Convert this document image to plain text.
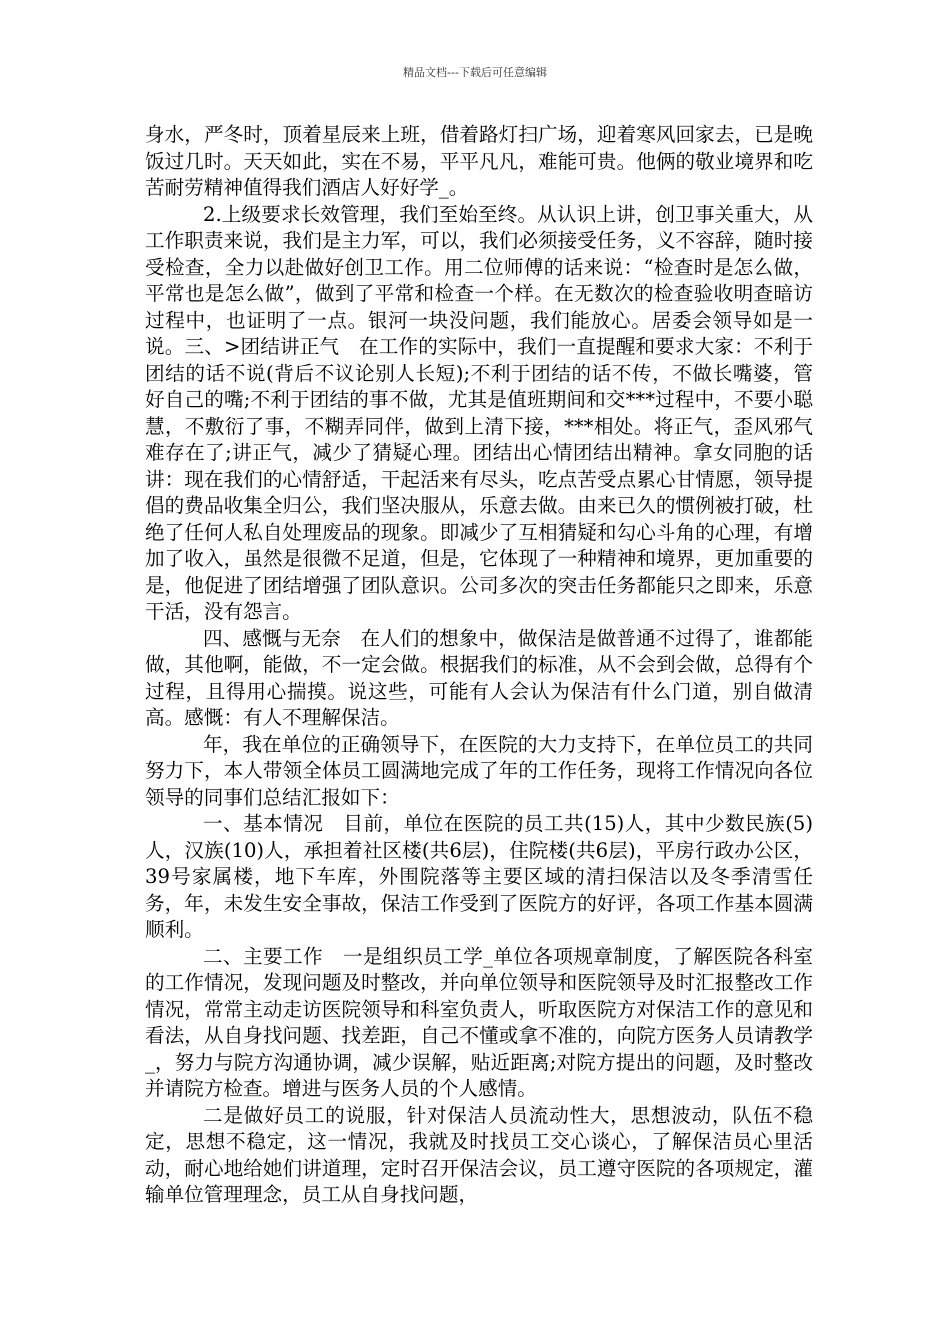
精品文档---下载后可任意编辑

身水，严冬时，顶着星辰来上班，借着路灯扫广场，迎着寒风回家去，已是晚饭过几时。天天如此，实在不易，平平凡凡，难能可贵。他俩的敬业境界和吃苦耐劳精神值得我们酒店人好好学_。

2.上级要求长效管理，我们至始至终。从认识上讲，创卫事关重大，从工作职责来说，我们是主力军，可以，我们必须接受任务，义不容辞，随时接受检查，全力以赴做好创卫工作。用二位师傅的话来说：“检查时是怎么做，平常也是怎么做”，做到了平常和检查一个样。在无数次的检查验收明查暗访过程中，也证明了一点。银河一块没问题，我们能放心。居委会领导如是一说。三、>团结讲正气　在工作的实际中，我们一直提醒和要求大家：不利于团结的话不说(背后不议论别人长短);不利于团结的话不传，不做长嘴婆，管好自己的嘴;不利于团结的事不做，尤其是值班期间和交***过程中，不要小聪慧，不敷衍了事，不糊弄同伴，做到上清下接，***相处。将正气，歪风邪气难存在了;讲正气，减少了猜疑心理。团结出心情团结出精神。拿女同胞的话讲：现在我们的心情舒适，干起活来有尽头，吃点苦受点累心甘情愿，领导提倡的费品收集全归公，我们坚决服从，乐意去做。由来已久的惯例被打破，杜绝了任何人私自处理废品的现象。即减少了互相猜疑和勾心斗角的心理，有增加了收入，虽然是很微不足道，但是，它体现了一种精神和境界，更加重要的是，他促进了团结增强了团队意识。公司多次的突击任务都能只之即来，乐意干活，没有怨言。

四、感慨与无奈　在人们的想象中，做保洁是做普通不过得了，谁都能做，其他啊，能做，不一定会做。根据我们的标准，从不会到会做，总得有个过程，且得用心揣摸。说这些，可能有人会认为保洁有什么门道，别自做清高。感慨：有人不理解保洁。

年，我在单位的正确领导下，在医院的大力支持下，在单位员工的共同努力下，本人带领全体员工圆满地完成了年的工作任务，现将工作情况向各位领导的同事们总结汇报如下：

一、基本情况　目前，单位在医院的员工共(15)人，其中少数民族(5)人，汉族(10)人，承担着社区楼(共6层)，住院楼(共6层)，平房行政办公区，39号家属楼，地下车库，外围院落等主要区域的清扫保洁以及冬季清雪任务，年，未发生安全事故，保洁工作受到了医院方的好评，各项工作基本圆满顺利。

二、主要工作　一是组织员工学_单位各项规章制度，了解医院各科室的工作情况，发现问题及时整改，并向单位领导和医院领导及时汇报整改工作情况，常常主动走访医院领导和科室负责人，听取医院方对保洁工作的意见和看法，从自身找问题、找差距，自己不懂或拿不准的，向院方医务人员请教学_，努力与院方沟通协调，减少误解，贴近距离;对院方提出的问题，及时整改并请院方检查。增进与医务人员的个人感情。

二是做好员工的说服，针对保洁人员流动性大，思想波动，队伍不稳定，思想不稳定，这一情况，我就及时找员工交心谈心，了解保洁员心里活动，耐心地给她们讲道理，定时召开保洁会议，员工遵守医院的各项规定，灌输单位管理理念，员工从自身找问题，
